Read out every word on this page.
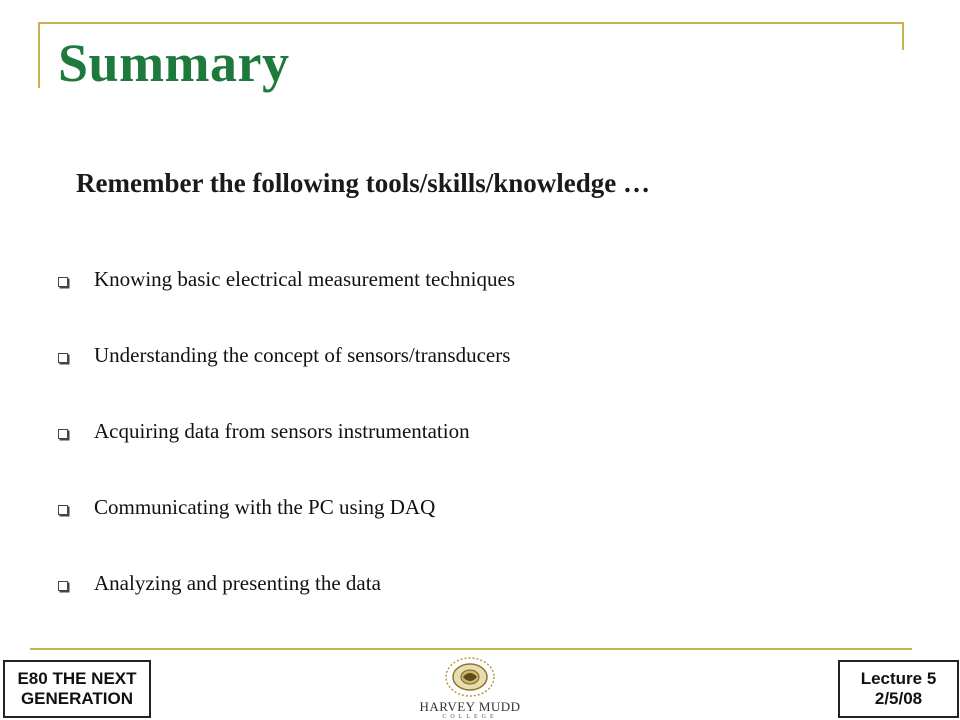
Summary
Remember the following tools/skills/knowledge …
Knowing basic electrical measurement techniques
Understanding the concept of sensors/transducers
Acquiring data from sensors instrumentation
Communicating with the PC using DAQ
Analyzing and presenting the data
E80 THE NEXT
GENERATION	HARVEY MUDD
COLLEGE
Lecture 5
2/5/08
